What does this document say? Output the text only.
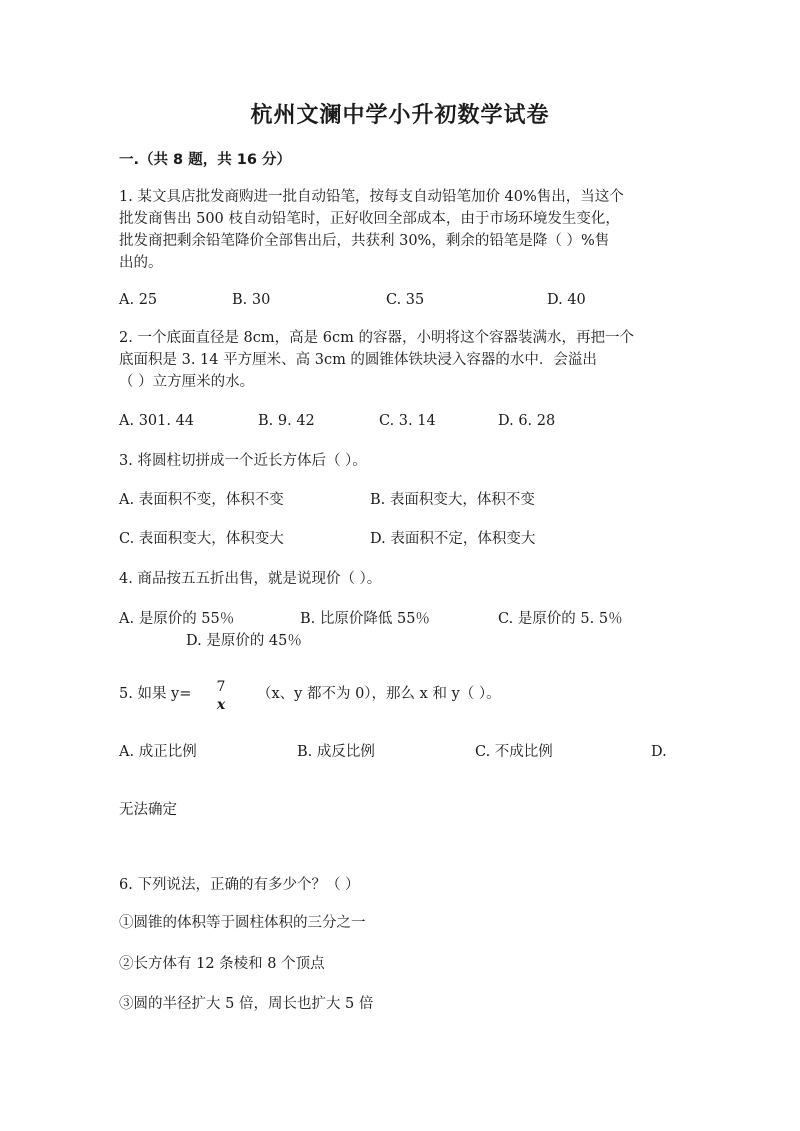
杭州文澜中学小升初数学试卷
一.（共 8 题，共 16 分）
1. 某文具店批发商购进一批自动铅笔，按每支自动铅笔加价 40%售出，当这个
批发商售出 500 枝自动铅笔时，正好收回全部成本，由于市场环境发生变化，
批发商把剩余铅笔降价全部售出后，共获利 30%，剩余的铅笔是降（ ）%售
出的。
A. 25	B. 30	C. 35	D. 40
2. 一个底面直径是 8cm，高是 6cm 的容器，小明将这个容器装满水，再把一个
底面积是 3. 14 平方厘米、高 3cm 的圆锥体铁块浸入容器的水中．会溢出
（ ）立方厘米的水。
A. 301. 44	B. 9. 42	C. 3. 14	D. 6. 28
3. 将圆柱切拼成一个近长方体后（ ）。
A. 表面积不变，体积不变	B. 表面积变大，体积不变
C. 表面积变大，体积变大	D. 表面积不定，体积变大
4. 商品按五五折出售，就是说现价（ ）。
A. 是原价的 55％	B. 比原价降低 55％	C. 是原价的 5. 5％
D. 是原价的 45％
5. 如果 y= 7
x
（x、y 都不为 0），那么 x 和 y（ ）。
A. 成正比例	B. 成反比例	C. 不成比例	D.
无法确定
6. 下列说法，正确的有多少个？（ ）
①圆锥的体积等于圆柱体积的三分之一
②长方体有 12 条棱和 8 个顶点
③圆的半径扩大 5 倍，周长也扩大 5 倍
